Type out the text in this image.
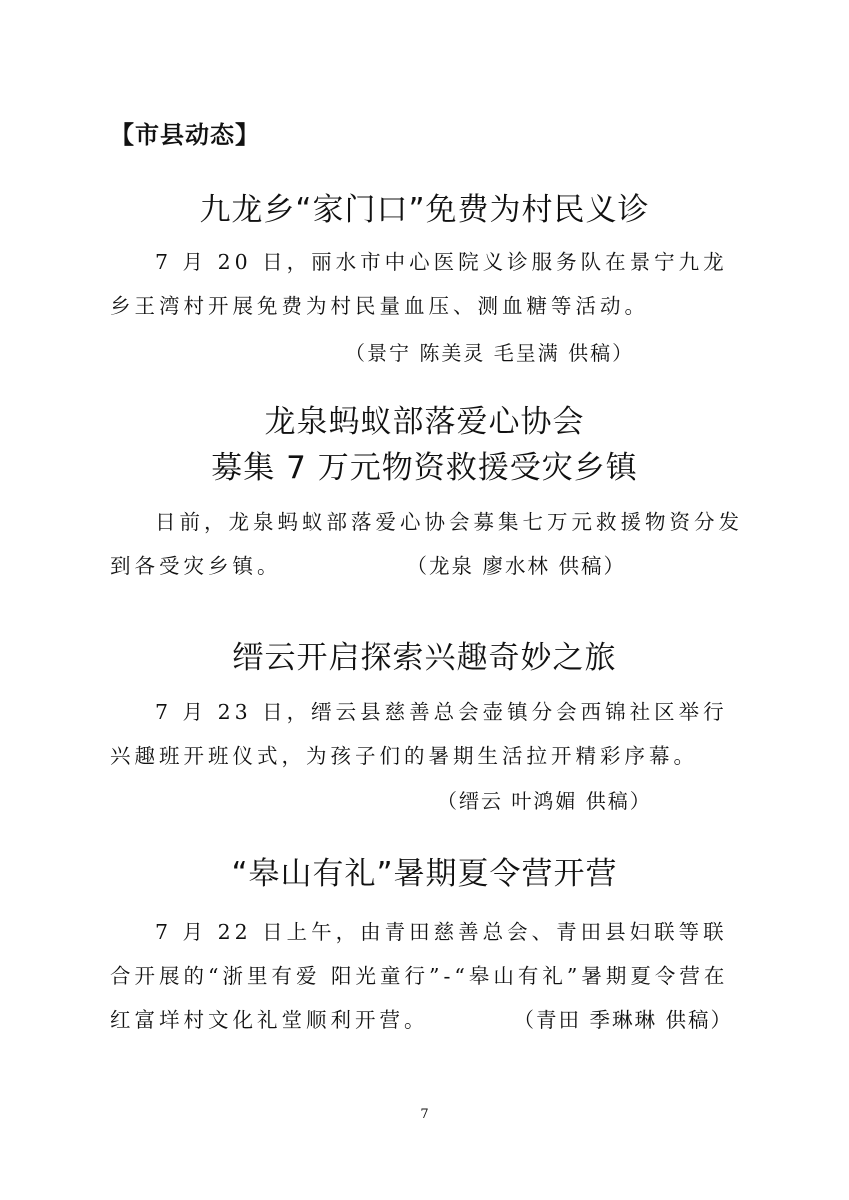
【市县动态】
九龙乡“家门口”免费为村民义诊
7 月 20 日，丽水市中心医院义诊服务队在景宁九龙乡王湾村开展免费为村民量血压、测血糖等活动。
（景宁 陈美灵 毛呈满 供稿）
龙泉蚂蚁部落爱心协会
募集 7 万元物资救援受灾乡镇
日前，龙泉蚂蚁部落爱心协会募集七万元救援物资分发到各受灾乡镇。	（龙泉 廖水林 供稿）
缙云开启探索兴趣奇妙之旅
7 月 23 日，缙云县慈善总会壶镇分会西锦社区举行兴趣班开班仪式，为孩子们的暑期生活拉开精彩序幕。
（缙云 叶鸿媚 供稿）
“皋山有礼”暑期夏令营开营
7 月 22 日上午，由青田慈善总会、青田县妇联等联合开展的“浙里有爱 阳光童行”-“皋山有礼”暑期夏令营在红富垟村文化礼堂顺利开营。	（青田 季琳琳 供稿）
7
